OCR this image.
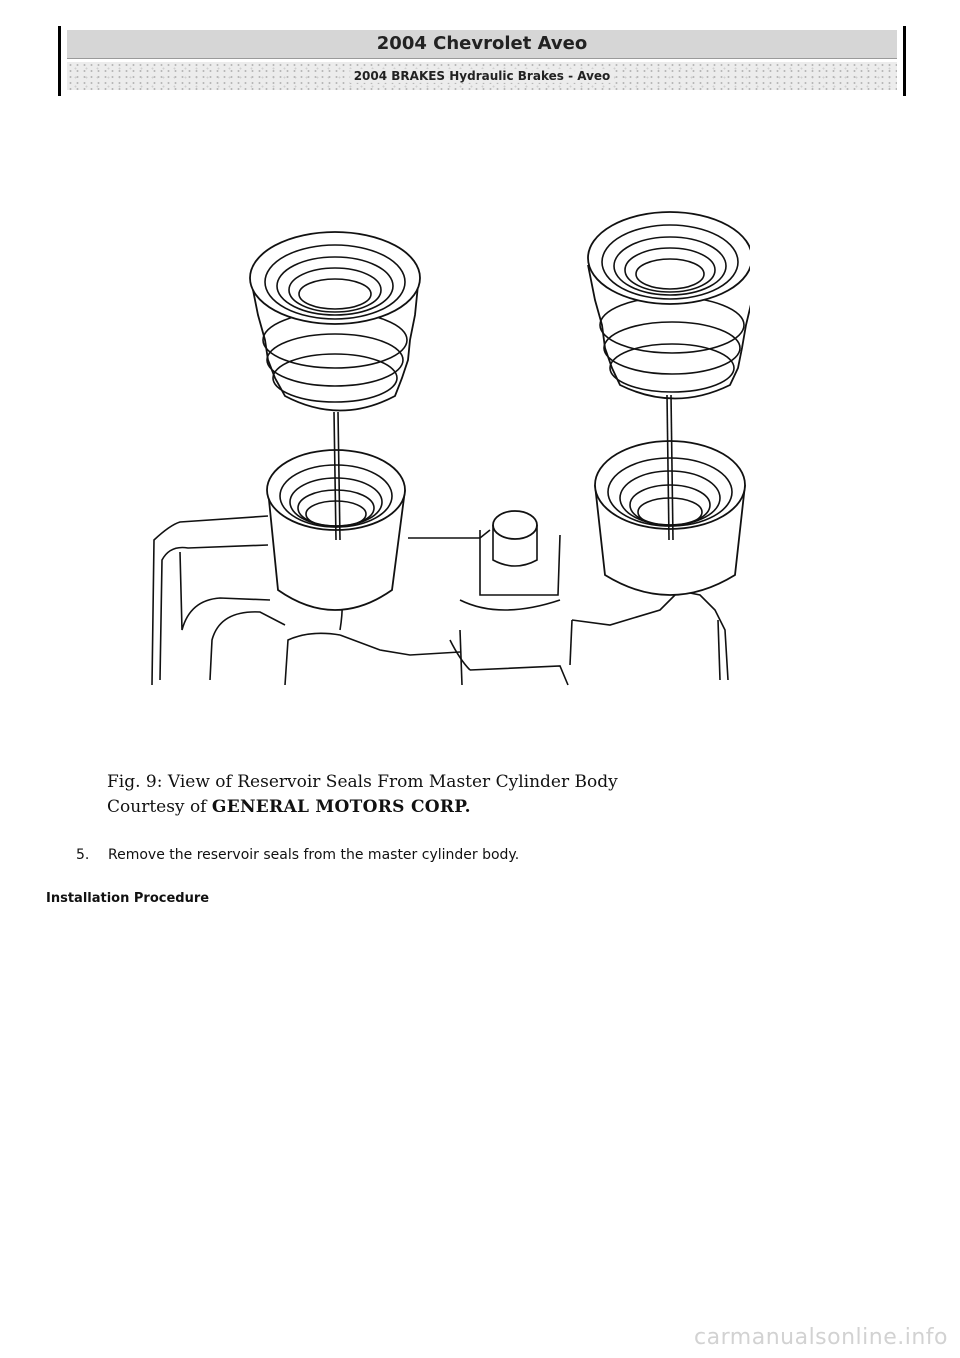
2004 Chevrolet Aveo
2004 BRAKES Hydraulic Brakes - Aveo
Fig. 9: View of Reservoir Seals From Master Cylinder Body
Courtesy of GENERAL MOTORS CORP.
5. Remove the reservoir seals from the master cylinder body.
Installation Procedure
carmanualsonline.info
